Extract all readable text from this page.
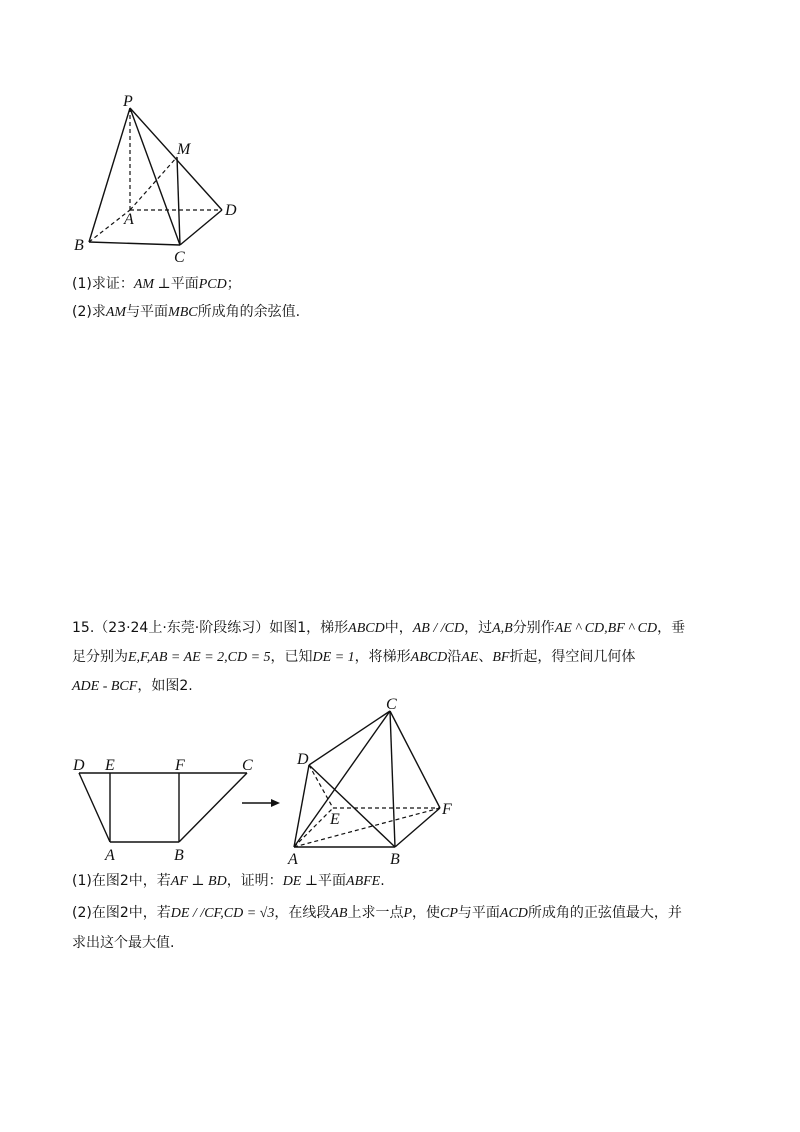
P
M
A
D
B
C
(1)求证：AM ⊥平面PCD；
(2)求AM与平面MBC所成角的余弦值.
15.（23·24上·东莞·阶段练习）如图1，梯形ABCD中，AB / /CD，过A,B分别作AE ^ CD,BF ^ CD，垂
足分别为E,F,AB = AE = 2,CD = 5，已知DE = 1，将梯形ABCD沿AE、BF折起，得空间几何体
ADE - BCF，如图2.
D E	F	C
A	B
C
D
E
F
A	B
(1)在图2中，若AF ⊥ BD，证明：DE ⊥平面ABFE.
(2)在图2中，若DE / /CF,CD = √3，在线段AB上求一点P，使CP与平面ACD所成角的正弦值最大，并
求出这个最大值.
